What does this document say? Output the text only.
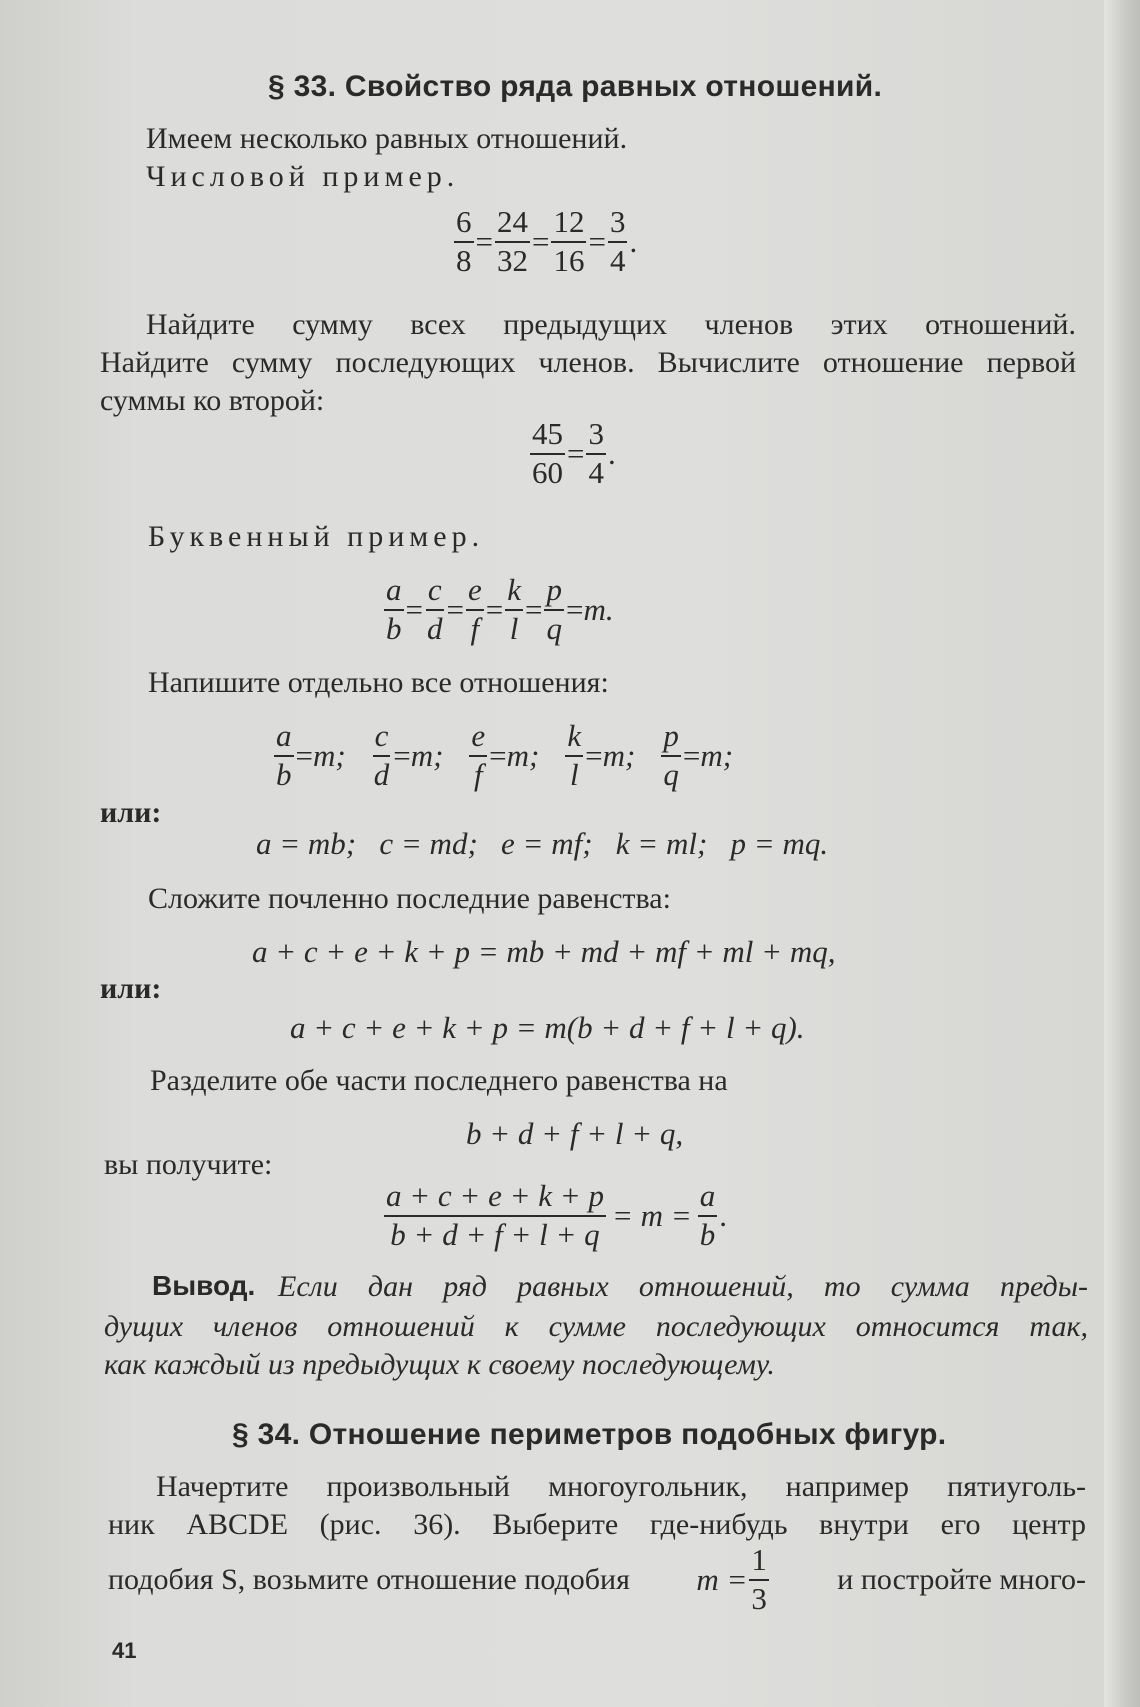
§ 33. Свойство ряда равных отношений.
Имеем несколько равных отношений.
Числовой пример.
$\frac{6}{8} = \frac{24}{32} = \frac{12}{16} = \frac{3}{4}$ .
Найдите сумму всех предыдущих членов этих отношений.
Найдите сумму последующих членов. Вычислите отношение первой
суммы ко второй:
$\frac{45}{60} = \frac{3}{4}$ .
Буквенный пример.
$\frac{a}{b} = \frac{c}{d} = \frac{e}{f} = \frac{k}{l} = \frac{p}{q} = m$.
Напишите отдельно все отношения:
$\frac{a}{b} = m$; $\frac{c}{d} = m$; $\frac{e}{f} = m$; $\frac{k}{l} = m$; $\frac{p}{q} = m$;
или:
a = mb;   c = md;   e = mf;   k = ml;   p = mq.
Сложите почленно последние равенства:
a + c + e + k + p = mb + md + mf + ml + mq,
или:
a + c + e + k + p = m(b + d + f + l + q).
Разделите обе части последнего равенства на
b + d + f + l + q,
вы получите:
$\frac{a + c + e + k + p}{b + d + f + l + q} = m = \frac{a}{b}$ .
Вывод. Если дан ряд равных отношений, то сумма преды-
дущих членов отношений к сумме последующих относится так,
как каждый из предыдущих к своему последующему.
§ 34. Отношение периметров подобных фигур.
Начертите произвольный многоугольник, например пятиуголь-
ник ABCDE (рис. 36). Выберите где-нибудь внутри его центр
подобия S, возьмите отношение подобия $m = \frac{1}{3}$ и постройте много-
41
